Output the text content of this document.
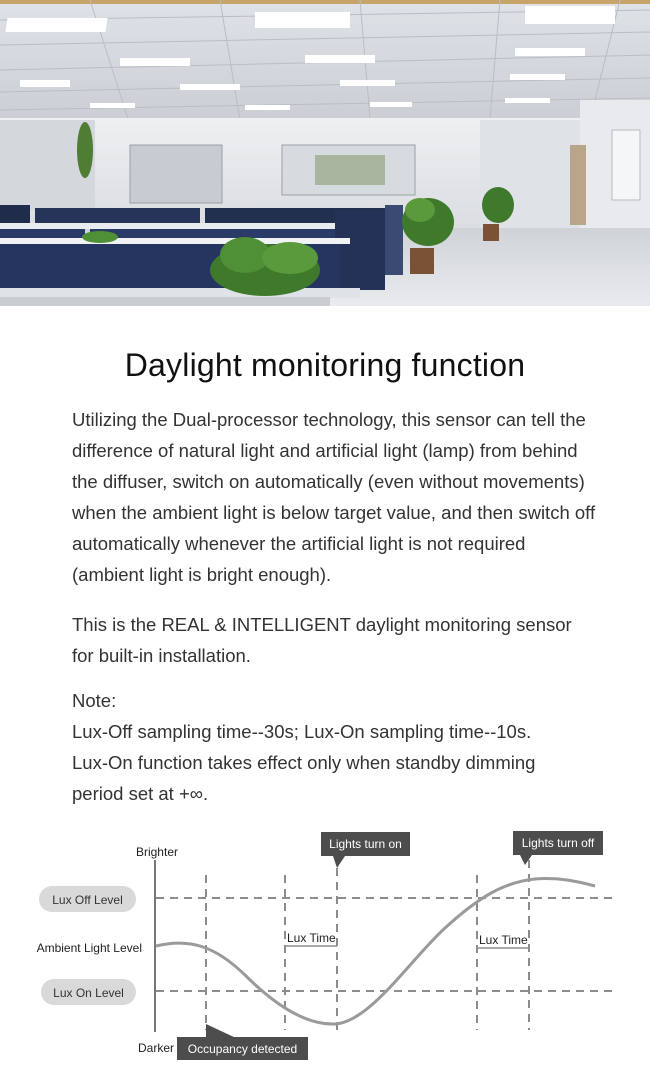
Daylight monitoring function

Utilizing the Dual-processor technology, this sensor can tell the
difference of natural light and artificial light (lamp) from behind
the diffuser, switch on automatically (even without movements)
when the ambient light is below target value, and then switch off
automatically whenever the artificial light is not required
(ambient light is bright enough).

This is the REAL & INTELLIGENT daylight monitoring sensor
for built-in installation.

Note:
Lux-Off sampling time--30s; Lux-On sampling time--10s.
Lux-On function takes effect only when standby dimming
period set at +∞.

Brighter
Ambient Light Level
Darker
Lux Off Level
Lux On Level
Lux Time	Lux Time
Lights turn on	Lights turn off
Occupancy detected
